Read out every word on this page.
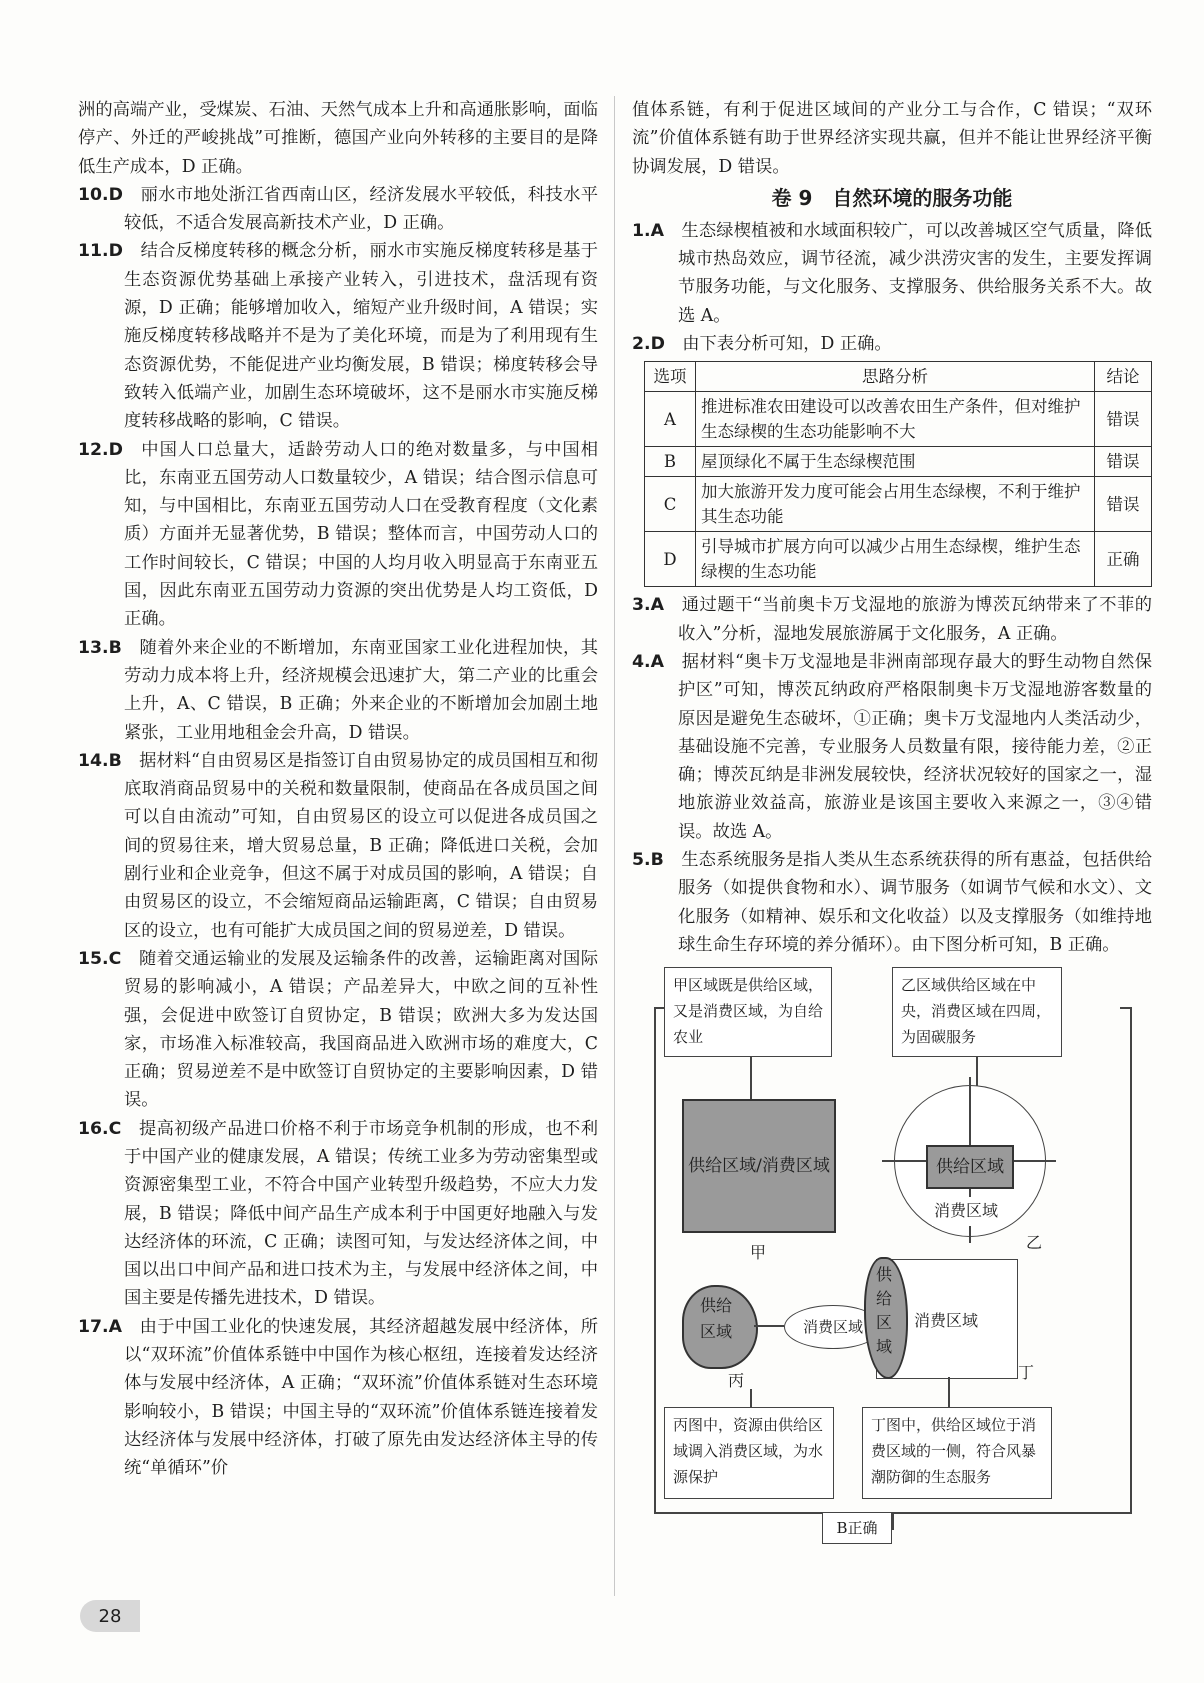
洲的高端产业，受煤炭、石油、天然气成本上升和高通胀影响，面临停产、外迁的严峻挑战”可推断，德国产业向外转移的主要目的是降低生产成本，D 正确。

10.D  丽水市地处浙江省西南山区，经济发展水平较低，科技水平较低，不适合发展高新技术产业，D 正确。

11.D  结合反梯度转移的概念分析，丽水市实施反梯度转移是基于生态资源优势基础上承接产业转入，引进技术，盘活现有资源，D 正确；能够增加收入，缩短产业升级时间，A 错误；实施反梯度转移战略并不是为了美化环境，而是为了利用现有生态资源优势，不能促进产业均衡发展，B 错误；梯度转移会导致转入低端产业，加剧生态环境破坏，这不是丽水市实施反梯度转移战略的影响，C 错误。

12.D  中国人口总量大，适龄劳动人口的绝对数量多，与中国相比，东南亚五国劳动人口数量较少，A 错误；结合图示信息可知，与中国相比，东南亚五国劳动人口在受教育程度（文化素质）方面并无显著优势，B 错误；整体而言，中国劳动人口的工作时间较长，C 错误；中国的人均月收入明显高于东南亚五国，因此东南亚五国劳动力资源的突出优势是人均工资低，D 正确。

13.B  随着外来企业的不断增加，东南亚国家工业化进程加快，其劳动力成本将上升，经济规模会迅速扩大，第二产业的比重会上升，A、C 错误，B 正确；外来企业的不断增加会加剧土地紧张，工业用地租金会升高，D 错误。

14.B  据材料“自由贸易区是指签订自由贸易协定的成员国相互和彻底取消商品贸易中的关税和数量限制，使商品在各成员国之间可以自由流动”可知，自由贸易区的设立可以促进各成员国之间的贸易往来，增大贸易总量，B 正确；降低进口关税，会加剧行业和企业竞争，但这不属于对成员国的影响，A 错误；自由贸易区的设立，不会缩短商品运输距离，C 错误；自由贸易区的设立，也有可能扩大成员国之间的贸易逆差，D 错误。

15.C  随着交通运输业的发展及运输条件的改善，运输距离对国际贸易的影响减小，A 错误；产品差异大，中欧之间的互补性强，会促进中欧签订自贸协定，B 错误；欧洲大多为发达国家，市场准入标准较高，我国商品进入欧洲市场的难度大，C 正确；贸易逆差不是中欧签订自贸协定的主要影响因素，D 错误。

16.C  提高初级产品进口价格不利于市场竞争机制的形成，也不利于中国产业的健康发展，A 错误；传统工业多为劳动密集型或资源密集型工业，不符合中国产业转型升级趋势，不应大力发展，B 错误；降低中间产品生产成本利于中国更好地融入与发达经济体的环流，C 正确；读图可知，与发达经济体之间，中国以出口中间产品和进口技术为主，与发展中经济体之间，中国主要是传播先进技术，D 错误。

17.A  由于中国工业化的快速发展，其经济超越发展中经济体，所以“双环流”价值体系链中中国作为核心枢纽，连接着发达经济体与发展中经济体，A 正确；“双环流”价值体系链对生态环境影响较小，B 错误；中国主导的“双环流”价值体系链连接着发达经济体与发展中经济体，打破了原先由发达经济体主导的传统“单循环”价

值体系链，有利于促进区域间的产业分工与合作，C 错误；“双环流”价值体系链有助于世界经济实现共赢，但并不能让世界经济平衡协调发展，D 错误。

卷 9　自然环境的服务功能

1.A  生态绿楔植被和水域面积较广，可以改善城区空气质量，降低城市热岛效应，调节径流，减少洪涝灾害的发生，主要发挥调节服务功能，与文化服务、支撑服务、供给服务关系不大。故选 A。

2.D  由下表分析可知，D 正确。

选项	思路分析	结论
A	推进标准农田建设可以改善农田生产条件，但对维护生态绿楔的生态功能影响不大	错误
B	屋顶绿化不属于生态绿楔范围	错误
C	加大旅游开发力度可能会占用生态绿楔，不利于维护其生态功能	错误
D	引导城市扩展方向可以减少占用生态绿楔，维护生态绿楔的生态功能	正确

3.A  通过题干“当前奥卡万戈湿地的旅游为博茨瓦纳带来了不菲的收入”分析，湿地发展旅游属于文化服务，A 正确。

4.A  据材料“奥卡万戈湿地是非洲南部现存最大的野生动物自然保护区”可知，博茨瓦纳政府严格限制奥卡万戈湿地游客数量的原因是避免生态破坏，①正确；奥卡万戈湿地内人类活动少，基础设施不完善，专业服务人员数量有限，接待能力差，②正确；博茨瓦纳是非洲发展较快，经济状况较好的国家之一，湿地旅游业效益高，旅游业是该国主要收入来源之一，③④错误。故选 A。

5.B  生态系统服务是指人类从生态系统获得的所有惠益，包括供给服务（如提供食物和水）、调节服务（如调节气候和水文）、文化服务（如精神、娱乐和文化收益）以及支撑服务（如维持地球生命生存环境的养分循环）。由下图分析可知，B 正确。

甲区域既是供给区域，又是消费区域，为自给农业
乙区域供给区域在中央，消费区域在四周，为固碳服务
供给区域/消费区域
甲
供给区域
消费区域
乙
供给区域	消费区域
丙
供给区域
消费区域
丁
丙图中，资源由供给区域调入消费区域，为水源保护
丁图中，供给区域位于消费区域的一侧，符合风暴潮防御的生态服务
B正确
28
